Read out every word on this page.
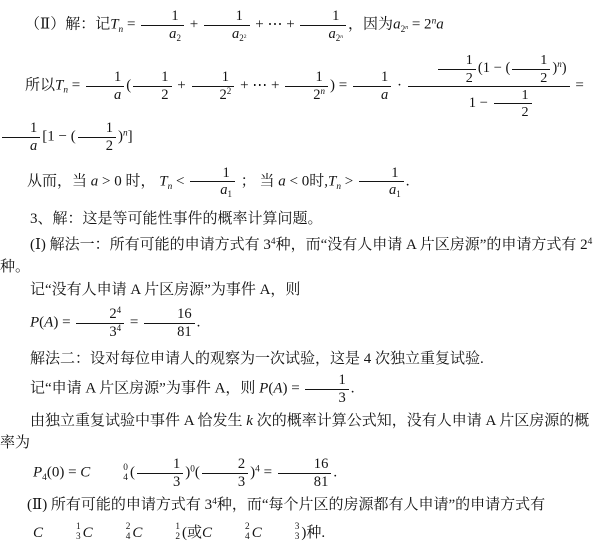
（Ⅱ）解：记$T_n = \frac{1}{a_2} + \frac{1}{a_{2^2}}$ + ⋯ + $\frac{1}{a_{2^n}}$ ，因为$a_{2^n} = 2^na$
所以$T_n = \frac{1}{a}$ ( $\frac{1}{2} + \frac{1}{2^2}$ + ⋯ + $\frac{1}{2^n}$ ) = $\frac{1}{a} \cdot \frac{\frac{1}{2} (1 - ( \frac{1}{2} )^n)}{1 - \frac{1}{2}}$ =
$\frac{1}{a} [1$ − ( $\frac{1}{2} )^n$]
从而，当 a > 0 时， $T_n < \frac{1}{a_1}$ ； 当 a < 0时$,T_n > \frac{1}{a_1}$ .
3、解：这是等可能性事件的概率计算问题。
(Ⅰ) 解法一：所有可能的申请方式有 $3^4$种，而“没有人申请 A 片区房源”的申请方式有 $2^4$种。
记“没有人申请 A 片区房源”为事件 A，则
$P(A) = \frac{2^4}{3^4} = \frac{16}{81}$ .
解法二：设对每位申请人的观察为一次试验，这是 4 次独立重复试验.
记“申请 A 片区房源”为事件 A，则 $P(A) = \frac{1}{3}$ .
由独立重复试验中事件 A 恰发生 k 次的概率计算公式知，没有人申请 A 片区房源的概率为
$P_4(0) = C$	0
4 ( $\frac{1}{3} )^0( \frac{2}{3} )^4 = \frac{16}{81}$ .
(Ⅱ) 所有可能的申请方式有 $3^4$种，而“每个片区的房源都有人申请”的申请方式有
C	1
3 C	2
4 C	1
2 (或C	2
4 C	3
3 )种.
